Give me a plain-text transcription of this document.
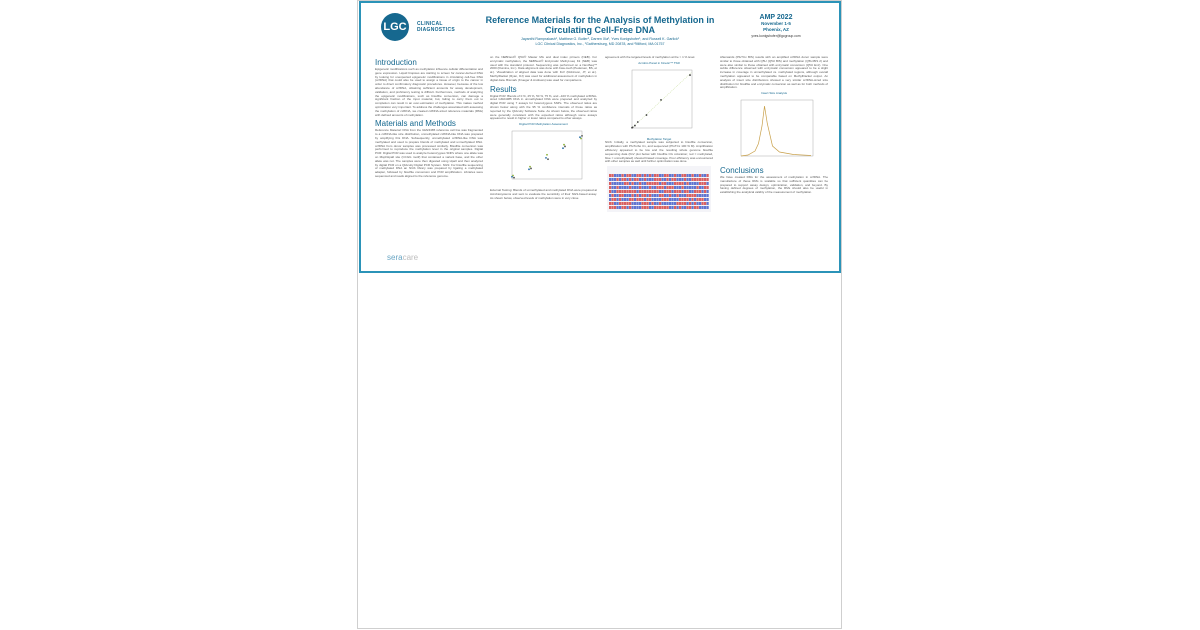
LGC	CLINICAL
DIAGNOSTICS
Reference Materials for the Analysis of Methylation in Circulating Cell-Free DNA
Jayanthi Ramprakash¹, Matthew G. Butler¹, Darren Xia¹, Yves Konigshofer¹, and Russell K. Garlick¹
LGC Clinical Diagnostics, Inc., ¹Gaithersburg, MD 20878, and ²Milford, MA 01757
AMP 2022
November 1-5
Phoenix, AZ
yves.konigshofer@lgcgroup.com
Introduction
Epigenetic modifications such as methylation influence cellular differentiation and gene expression. Liquid biopsies are starting to screen for cancer-derived DNA by looking for unexpected epigenetic modifications in circulating cell-free DNA (ccfDNA) that could also be used to assign a tissue of origin to the cancer in order to direct confirmatory diagnostic procedures. However, because of the low abundance of ccfDNA, obtaining sufficient amounts for assay development, validation, and proficiency testing is difficult. Furthermore, methods of analyzing the epigenetic modifications, such as bisulfite conversion, can damage a significant fraction of the input material, but, failing to carry them out to completion can result in an over-estimation of methylation. This makes method optimization very important. To address the challenges associated with assessing the methylation of ccfDNA, we created ccfDNA-sized reference materials (RMs) with defined amounts of methylation.
Materials and Methods
Reference Material: DNA from the GM24385 reference cell line was fragmented to a ccfDNA-like size distribution, unmethylated ccfDNA-like DNA was prepared by amplifying this DNA. Subsequently, unmethylated ccfDNA-like DNA was methylated and used to prepare blends of methylated and unmethylated DNA. ccfDNA from donor samples was processed similarly. Bisulfite conversion was performed to reproduce the methylation level in the original samples. Digital PCR: Digital PCR was used to analyze heterozygous SNPs where one allele was on MspI/HpaII site (CCGG motif) that contained a variant base, and the other allele was not. The samples were then digested using HpaII and then analyzed by digital PCR on a QIAcuity Digital PCR System. NGS: For bisulfite sequencing of methylated DNA an NGS library was prepared by ligating a methylated adapter, followed by bisulfite conversion and PCR amplification. Libraries were sequenced and reads aligned to the reference genome.
on the NEBNext® Q5U® Master Mix and dual index primers (NEB). For enzymatic methylation, the NEBNext® Enzymatic Methyl-seq Kit (NEB) was used with the standard protocol. Sequencing was performed on a NextSeq™ 2000 (Illumina, Inc.). Data alignment was done with bwa-meth (Pedersen, BS, et al.). Visualization of aligned data was done with IGV (Robinson, JT, et al.). MethylDackel (Ryan, DJ) was used for additional assessment of methylation in digital data. Bismark (Krueger & Andrews) was used for comparisons.
Results
Digital PCR: Blends of 0 %, 25 %, 50 %, 75 %, and ~100 % methylated ccfDNA-sized GM24385 DNA in unmethylated DNA were prepared and analyzed by digital PCR using 7 assays for heterozygous SNPs. The observed ratios are shown below along with the 95 % confidence intervals of those ratios as reported by the QIAcuity Software Suite. As shown below, the observed ratios were generally consistent with the expected ratios although some assays appeared to result in higher or lower ratios compared to other assays.
Digital PCR Methylation Assessment
External Testing: Blends of unmethylated and methylated DNA were prepared at Acrobiosystems and sent to evaluate the sensitivity of their NGS-based assay. As shown below, observed levels of methylation were in very close
agreement with the targeted levels of methylation at the > 1 % level.
Acrobio Panel in Kinetic™ TSR
Methylation Target
NGS: Initially, a methylated sample was subjected to bisulfite conversion, amplification with PfuTurbo Cx, and sequenced (PfuTCx 100 % M). Amplification efficiency appeared to be low and the resulting whole genome bisulfite sequencing data (IGV plot below with bisulfite CG coloration; red = methylated, blue = unmethylated) showed biased coverage. Poor efficiency was encountered with other samples as well until further optimization was done.
Afterwards (PfuTCx BIS) results with an amplified ccfDNA donor sample were similar to those obtained with Q5U (Q5U BIS) and methylation (Q5U-BIS 2) and were also similar to those obtained with enzymatic conversion (Q5U Enz). One subtle difference observed with enzymatic conversion appeared to be a slight increase in coverage in unmethylated vs. methylated regions, although overall methylation appeared to be comparable based on MethylDackel output. An analysis of insert size distributions showed a very similar ccfDNA-sized size distribution for bisulfite and enzymatic conversion as well as for both methods of amplification.
Insert Size Analysis
Conclusions
We have created RMs for the assessment of methylation in ccfDNA. The manufacture of these RMs is scalable so that sufficient quantities can be prepared to support assay design, optimization, validation, and beyond. By having defined degrees of methylation, the RMs should also be useful in establishing the analytical validity of the measurement of methylation.
seracare
